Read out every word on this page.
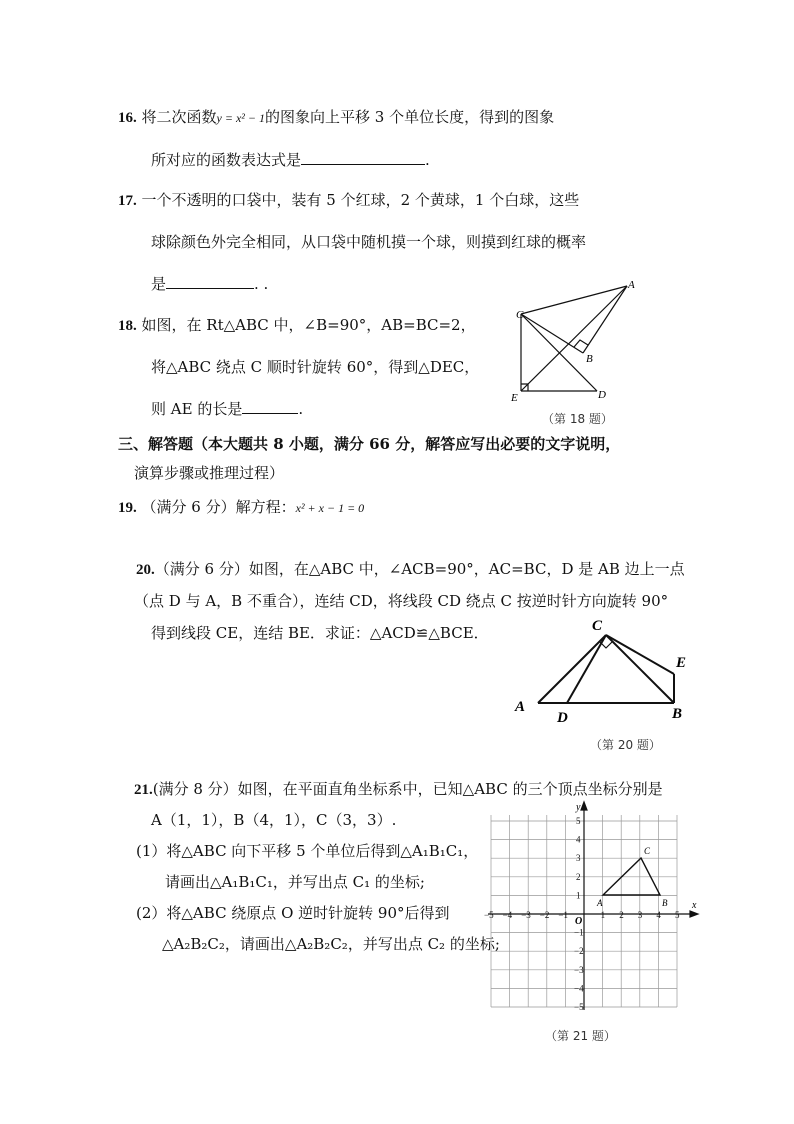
16. 将二次函数y = x² − 1的图象向上平移 3 个单位长度，得到的图象
所对应的函数表达式是	.
17. 一个不透明的口袋中，装有 5 个红球，2 个黄球，1 个白球，这些
球除颜色外完全相同，从口袋中随机摸一个球，则摸到红球的概率
是	. .
18. 如图，在 Rt△ABC 中，∠B=90°，AB=BC=2，
将△ABC 绕点 C 顺时针旋转 60°，得到△DEC，
则 AE 的长是	.
A
B
C
D
E
（第 18 题）
三、解答题（本大题共 8 小题，满分 66 分，解答应写出必要的文字说明，
演算步骤或推理过程）
19. （满分 6 分）解方程：x² + x − 1 = 0
20.（满分 6 分）如图，在△ABC 中，∠ACB=90°，AC=BC，D 是 AB 边上一点
（点 D 与 A，B 不重合），连结 CD，将线段 CD 绕点 C 按逆时针方向旋转 90°
得到线段 CE，连结 BE．求证：△ACD≌△BCE．	C
E
A
D	B
（第 20 题）
21.(满分 8 分）如图，在平面直角坐标系中，已知△ABC 的三个顶点坐标分别是
A（1，1），B（4，1），C（3，3）.
(1）将△ABC 向下平移 5 个单位后得到△A₁B₁C₁，
请画出△A₁B₁C₁，并写出点 C₁ 的坐标;
(2）将△ABC 绕原点 O 逆时针旋转 90°后得到
△A₂B₂C₂，请画出△A₂B₂C₂，并写出点 C₂ 的坐标;
−5 −4 −3 −2 −1	1 2 3 4 5
5
4
3
2
1
−1
−2
−3
−4
−5
x
y
O
A	B
C
（第 21 题）
